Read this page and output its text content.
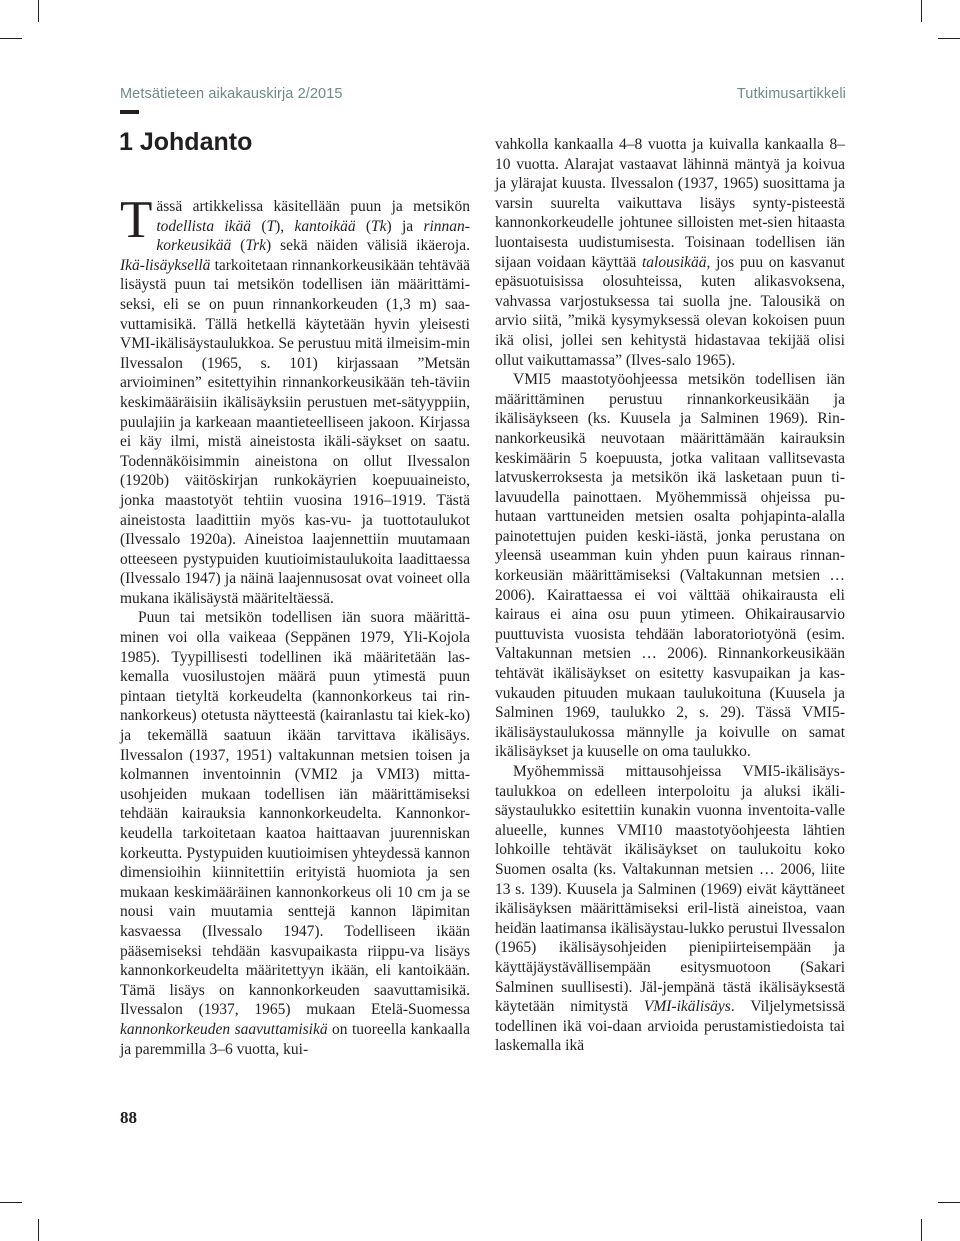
Metsätieteen aikakauskirja 2/2015	Tutkimusartikkeli
1 Johdanto

Tässä artikkelissa käsitellään puun ja metsikön todellista ikää (T), kantoikää (Tk) ja rinnan-korkeusikää (Trk) sekä näiden välisiä ikäeroja. Ikä-lisäyksellä tarkoitetaan rinnankorkeusikään tehtävää lisäystä puun tai metsikön todellisen iän määrittämi-seksi, eli se on puun rinnankorkeuden (1,3 m) saa-vuttamisikä. Tällä hetkellä käytetään hyvin yleisesti VMI-ikälisäystaulukkoa. Se perustuu mitä ilmeisim-min Ilvessalon (1965, s. 101) kirjassaan ”Metsän arvioiminen” esitettyihin rinnankorkeusikään teh-täviin keskimääräisiin ikälisäyksiin perustuen met-sätyyppiin, puulajiin ja karkeaan maantieteelliseen jakoon. Kirjassa ei käy ilmi, mistä aineistosta ikäli-säykset on saatu. Todennäköisimmin aineistona on ollut Ilvessalon (1920b) väitöskirjan runkokäyrien koepuuaineisto, jonka maastotyöt tehtiin vuosina 1916–1919. Tästä aineistosta laadittiin myös kas-vu- ja tuottotaulukot (Ilvessalo 1920a). Aineistoa laajennettiin muutamaan otteeseen pystypuiden kuutioimistaulukoita laadittaessa (Ilvessalo 1947) ja näinä laajennusosat ovat voineet olla mukana ikälisäystä määriteltäessä.

Puun tai metsikön todellisen iän suora määrittä-minen voi olla vaikeaa (Seppänen 1979, Yli-Kojola 1985). Tyypillisesti todellinen ikä määritetään las-kemalla vuosilustojen määrä puun ytimestä puun pintaan tietyltä korkeudelta (kannonkorkeus tai rin-nankorkeus) otetusta näytteestä (kairanlastu tai kiek-ko) ja tekemällä saatuun ikään tarvittava ikälisäys. Ilvessalon (1937, 1951) valtakunnan metsien toisen ja kolmannen inventoinnin (VMI2 ja VMI3) mitta-usohjeiden mukaan todellisen iän määrittämiseksi tehdään kairauksia kannonkorkeudelta. Kannonkor-keudella tarkoitetaan kaatoa haittaavan juurenniskan korkeutta. Pystypuiden kuutioimisen yhteydessä kannon dimensioihin kiinnitettiin erityistä huomiota ja sen mukaan keskimääräinen kannonkorkeus oli 10 cm ja se nousi vain muutamia senttejä kannon läpimitan kasvaessa (Ilvessalo 1947). Todelliseen ikään pääsemiseksi tehdään kasvupaikasta riippu-va lisäys kannonkorkeudelta määritettyyn ikään, eli kantoikään. Tämä lisäys on kannonkorkeuden saavuttamisikä. Ilvessalon (1937, 1965) mukaan Etelä-Suomessa kannonkorkeuden saavuttamisikä on tuoreella kankaalla ja paremmilla 3–6 vuotta, kui-

vahkolla kankaalla 4–8 vuotta ja kuivalla kankaalla 8–10 vuotta. Alarajat vastaavat lähinnä mäntyä ja koivua ja ylärajat kuusta. Ilvessalon (1937, 1965) suosittama ja varsin suurelta vaikuttava lisäys synty-pisteestä kannonkorkeudelle johtunee silloisten met-sien hitaasta luontaisesta uudistumisesta. Toisinaan todellisen iän sijaan voidaan käyttää talousikää, jos puu on kasvanut epäsuotuisissa olosuhteissa, kuten alikasvoksena, vahvassa varjostuksessa tai suolla jne. Talousikä on arvio siitä, ”mikä kysymyksessä olevan kokoisen puun ikä olisi, jollei sen kehitystä hidastavaa tekijää olisi ollut vaikuttamassa” (Ilves-salo 1965).

VMI5 maastotyöohjeessa metsikön todellisen iän määrittäminen perustuu rinnankorkeusikään ja ikälisäykseen (ks. Kuusela ja Salminen 1969). Rin-nankorkeusikä neuvotaan määrittämään kairauksin keskimäärin 5 koepuusta, jotka valitaan vallitsevasta latvuskerroksesta ja metsikön ikä lasketaan puun ti-lavuudella painottaen. Myöhemmissä ohjeissa pu-hutaan varttuneiden metsien osalta pohjapinta-alalla painotettujen puiden keski-iästä, jonka perustana on yleensä useamman kuin yhden puun kairaus rinnan-korkeusiän määrittämiseksi (Valtakunnan metsien … 2006). Kairattaessa ei voi välttää ohikairausta eli kairaus ei aina osu puun ytimeen. Ohikairausarvio puuttuvista vuosista tehdään laboratoriotyönä (esim. Valtakunnan metsien … 2006). Rinnankorkeusikään tehtävät ikälisäykset on esitetty kasvupaikan ja kas-vukauden pituuden mukaan taulukoituna (Kuusela ja Salminen 1969, taulukko 2, s. 29). Tässä VMI5-ikälisäystaulukossa männylle ja koivulle on samat ikälisäykset ja kuuselle on oma taulukko.

Myöhemmissä mittausohjeissa VMI5-ikälisäys-taulukkoa on edelleen interpoloitu ja aluksi ikäli-säystaulukko esitettiin kunakin vuonna inventoita-valle alueelle, kunnes VMI10 maastotyöohjeesta lähtien lohkoille tehtävät ikälisäykset on taulukoitu koko Suomen osalta (ks. Valtakunnan metsien … 2006, liite 13 s. 139). Kuusela ja Salminen (1969) eivät käyttäneet ikälisäyksen määrittämiseksi eril-listä aineistoa, vaan heidän laatimansa ikälisäystau-lukko perustui Ilvessalon (1965) ikälisäysohjeiden pienipiirteisempään ja käyttäjäystävällisempään esitysmuotoon (Sakari Salminen suullisesti). Jäl-jempänä tästä ikälisäyksestä käytetään nimitystä VMI-ikälisäys. Viljelymetsissä todellinen ikä voi-daan arvioida perustamistiedoista tai laskemalla ikä

88
